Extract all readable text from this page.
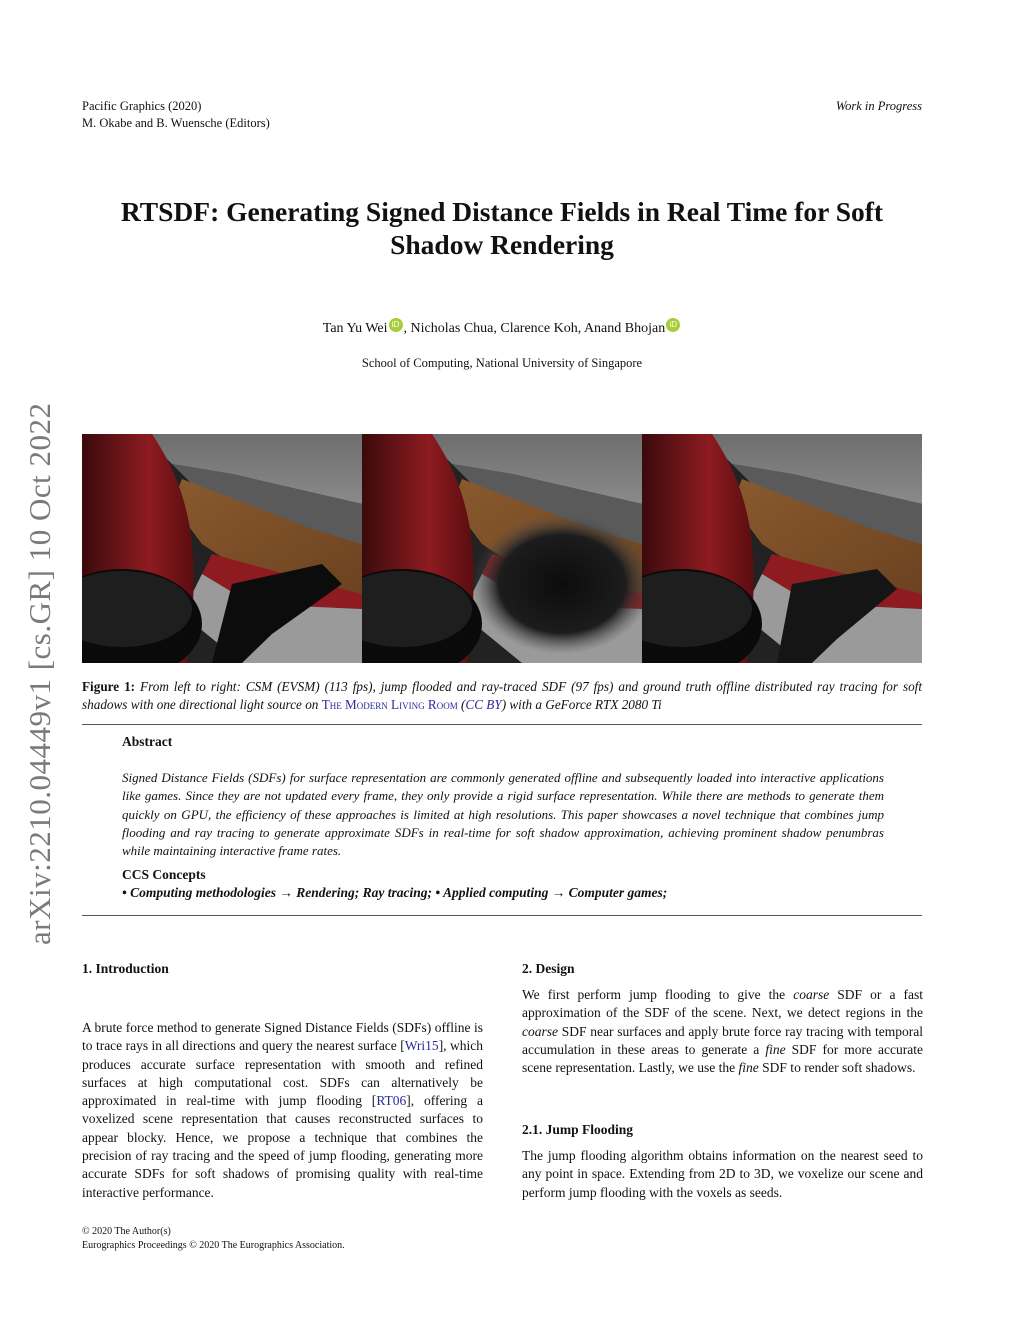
Pacific Graphics (2020)
M. Okabe and B. Wuensche (Editors)
Work in Progress
arXiv:2210.04449v1 [cs.GR] 10 Oct 2022
RTSDF: Generating Signed Distance Fields in Real Time for Soft Shadow Rendering
Tan Yu Wei iD , Nicholas Chua, Clarence Koh, Anand Bhojan iD
School of Computing, National University of Singapore
Figure 1: From left to right: CSM (EVSM) (113 fps), jump flooded and ray-traced SDF (97 fps) and ground truth offline distributed ray tracing for soft shadows with one directional light source on The Modern Living Room (CC BY) with a GeForce RTX 2080 Ti
Abstract
Signed Distance Fields (SDFs) for surface representation are commonly generated offline and subsequently loaded into interactive applications like games. Since they are not updated every frame, they only provide a rigid surface representation. While there are methods to generate them quickly on GPU, the efficiency of these approaches is limited at high resolutions. This paper showcases a novel technique that combines jump flooding and ray tracing to generate approximate SDFs in real-time for soft shadow approximation, achieving prominent shadow penumbras while maintaining interactive frame rates.
CCS Concepts
• Computing methodologies → Rendering; Ray tracing; • Applied computing → Computer games;
1. Introduction
A brute force method to generate Signed Distance Fields (SDFs) offline is to trace rays in all directions and query the nearest surface [Wri15], which produces accurate surface representation with smooth and refined surfaces at high computational cost. SDFs can alternatively be approximated in real-time with jump flooding [RT06], offering a voxelized scene representation that causes reconstructed surfaces to appear blocky. Hence, we propose a technique that combines the precision of ray tracing and the speed of jump flooding, generating more accurate SDFs for soft shadows of promising quality with real-time interactive performance.
2. Design
We first perform jump flooding to give the coarse SDF or a fast approximation of the SDF of the scene. Next, we detect regions in the coarse SDF near surfaces and apply brute force ray tracing with temporal accumulation in these areas to generate a fine SDF for more accurate scene representation. Lastly, we use the fine SDF to render soft shadows.
2.1. Jump Flooding
The jump flooding algorithm obtains information on the nearest seed to any point in space. Extending from 2D to 3D, we voxelize our scene and perform jump flooding with the voxels as seeds.
© 2020 The Author(s)
Eurographics Proceedings © 2020 The Eurographics Association.
